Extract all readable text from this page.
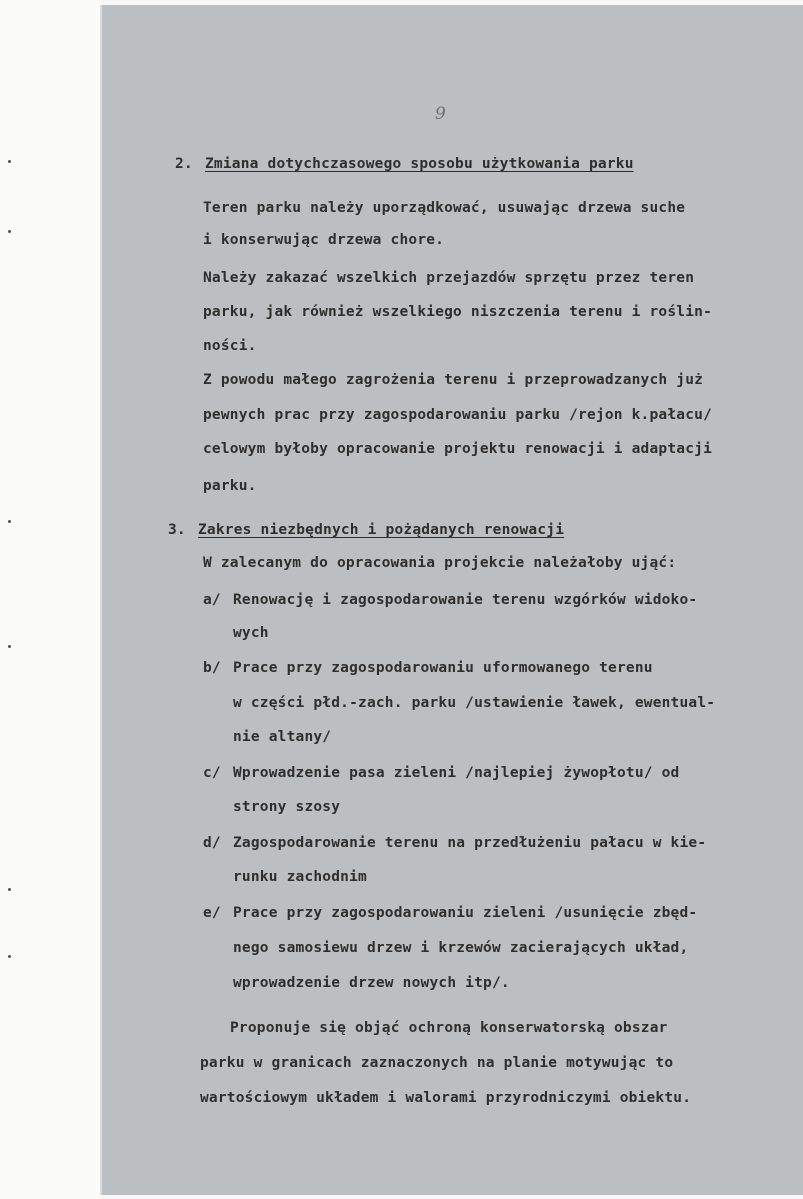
9
2. Zmiana dotychczasowego sposobu użytkowania parku
Teren parku należy uporządkować, usuwając drzewa suche
i konserwując drzewa chore.
Należy zakazać wszelkich przejazdów sprzętu przez teren
parku, jak również wszelkiego niszczenia terenu i roślin-
ności.
Z powodu małego zagrożenia terenu i przeprowadzanych już
pewnych prac przy zagospodarowaniu parku /rejon k.pałacu/
celowym byłoby opracowanie projektu renowacji i adaptacji
parku.
3. Zakres niezbędnych i pożądanych renowacji
W zalecanym do opracowania projekcie należałoby ująć:
a/ Renowację i zagospodarowanie terenu wzgórków widoko-
wych
b/ Prace przy zagospodarowaniu uformowanego terenu
w części płd.-zach. parku /ustawienie ławek, ewentual-
nie altany/
c/ Wprowadzenie pasa zieleni /najlepiej żywopłotu/ od
strony szosy
d/ Zagospodarowanie terenu na przedłużeniu pałacu w kie-
runku zachodnim
e/ Prace przy zagospodarowaniu zieleni /usunięcie zbęd-
nego samosiewu drzew i krzewów zacierających układ,
wprowadzenie drzew nowych itp/.
Proponuje się objąć ochroną konserwatorską obszar
parku w granicach zaznaczonych na planie motywując to
wartościowym układem i walorami przyrodniczymi obiektu.
